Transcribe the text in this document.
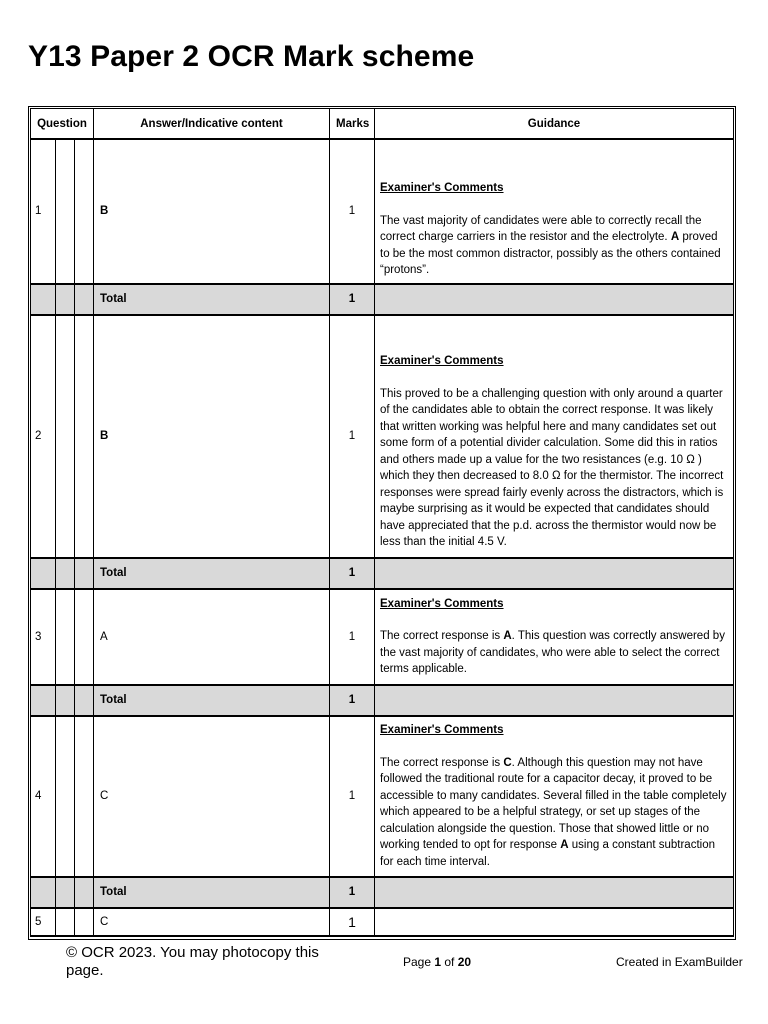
Y13 Paper 2 OCR Mark scheme
Question			Answer/Indicative content	Marks	Guidance
1			B	1	Examiner's Comments

The vast majority of candidates were able to correctly recall the correct charge carriers in the resistor and the electrolyte. A proved to be the most common distractor, possibly as the others contained “protons”.

			Total	1	
2			B	1	Examiner's Comments

This proved to be a challenging question with only around a quarter of the candidates able to obtain the correct response. It was likely that written working was helpful here and many candidates set out some form of a potential divider calculation. Some did this in ratios and others made up a value for the two resistances (e.g. 10 Ω ) which they then decreased to 8.0 Ω for the thermistor. The incorrect responses were spread fairly evenly across the distractors, which is maybe surprising as it would be expected that candidates should have appreciated that the p.d. across the thermistor would now be less than the initial 4.5 V.

			Total	1	
3			A	1	Examiner's Comments

The correct response is A. This question was correctly answered by the vast majority of candidates, who were able to select the correct terms applicable.

			Total	1	
4			C	1	Examiner's Comments

The correct response is C. Although this question may not have followed the traditional route for a capacitor decay, it proved to be accessible to many candidates. Several filled in the table completely which appeared to be a helpful strategy, or set up stages of the calculation alongside the question. Those that showed little or no working tended to opt for response A using a constant subtraction for each time interval.

			Total	1	
5			C	1	
© OCR 2023. You may photocopy this page.	Page 1 of 20	Created in ExamBuilder
